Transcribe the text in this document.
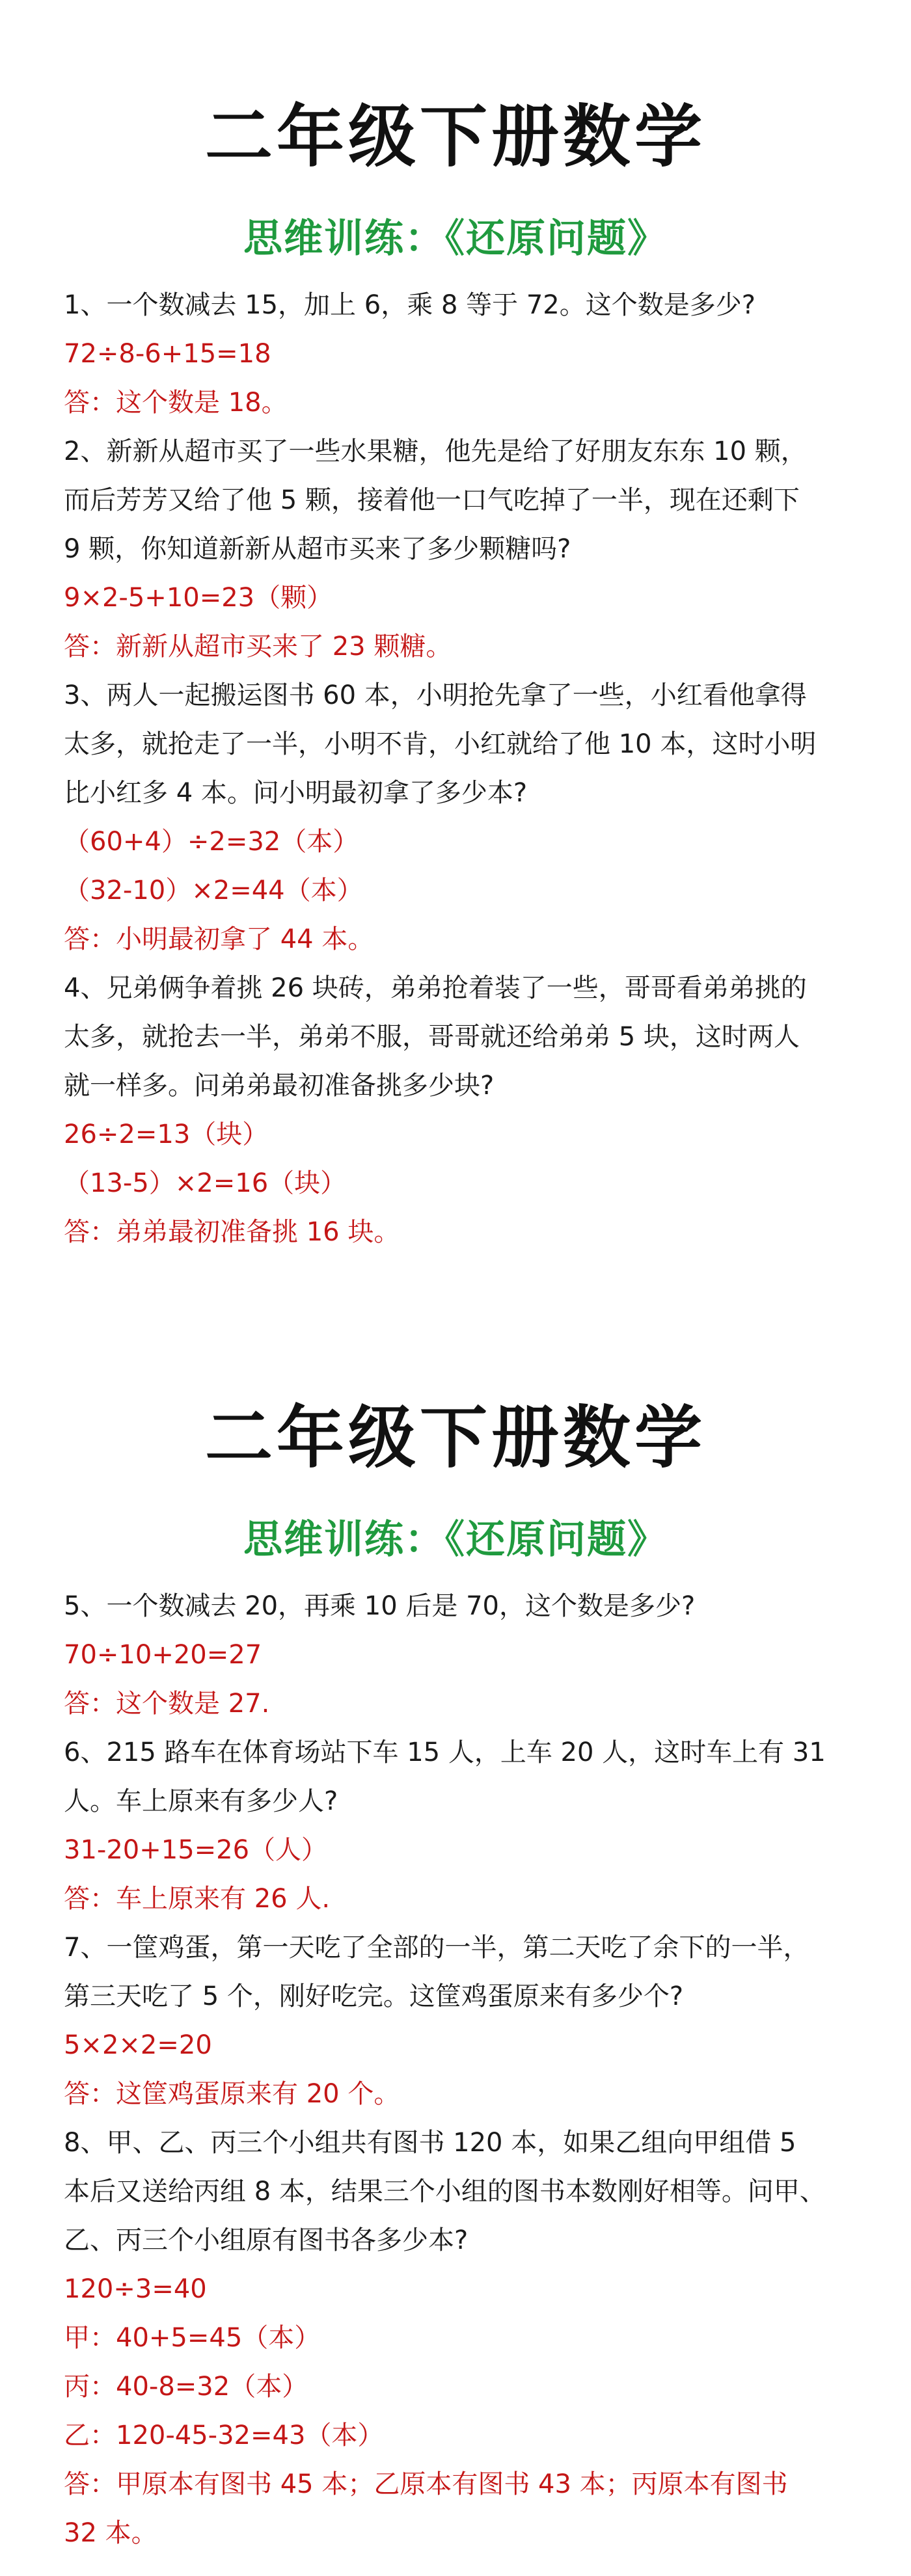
二年级下册数学
思维训练：《还原问题》
1、一个数减去 15，加上 6，乘 8 等于 72。这个数是多少?
72÷8-6+15=18
答：这个数是 18。
2、新新从超市买了一些水果糖，他先是给了好朋友东东 10 颗，
而后芳芳又给了他 5 颗，接着他一口气吃掉了一半，现在还剩下
9 颗，你知道新新从超市买来了多少颗糖吗?
9×2-5+10=23（颗）
答：新新从超市买来了 23 颗糖。
3、两人一起搬运图书 60 本，小明抢先拿了一些，小红看他拿得
太多，就抢走了一半，小明不肯，小红就给了他 10 本，这时小明
比小红多 4 本。问小明最初拿了多少本?
（60+4）÷2=32（本）
（32-10）×2=44（本）
答：小明最初拿了 44 本。
4、兄弟俩争着挑 26 块砖，弟弟抢着装了一些，哥哥看弟弟挑的
太多，就抢去一半，弟弟不服，哥哥就还给弟弟 5 块，这时两人
就一样多。问弟弟最初准备挑多少块?
26÷2=13（块）
（13-5）×2=16（块）
答：弟弟最初准备挑 16 块。
二年级下册数学
思维训练：《还原问题》
5、一个数减去 20，再乘 10 后是 70，这个数是多少?
70÷10+20=27
答：这个数是 27.
6、215 路车在体育场站下车 15 人，上车 20 人，这时车上有 31
人。车上原来有多少人?
31-20+15=26（人）
答：车上原来有 26 人.
7、一筐鸡蛋，第一天吃了全部的一半，第二天吃了余下的一半，
第三天吃了 5 个，刚好吃完。这筐鸡蛋原来有多少个?
5×2×2=20
答：这筐鸡蛋原来有 20 个。
8、甲、乙、丙三个小组共有图书 120 本，如果乙组向甲组借 5
本后又送给丙组 8 本，结果三个小组的图书本数刚好相等。问甲、
乙、丙三个小组原有图书各多少本?
120÷3=40
甲：40+5=45（本）
丙：40-8=32（本）
乙：120-45-32=43（本）
答：甲原本有图书 45 本；乙原本有图书 43 本；丙原本有图书
32 本。
